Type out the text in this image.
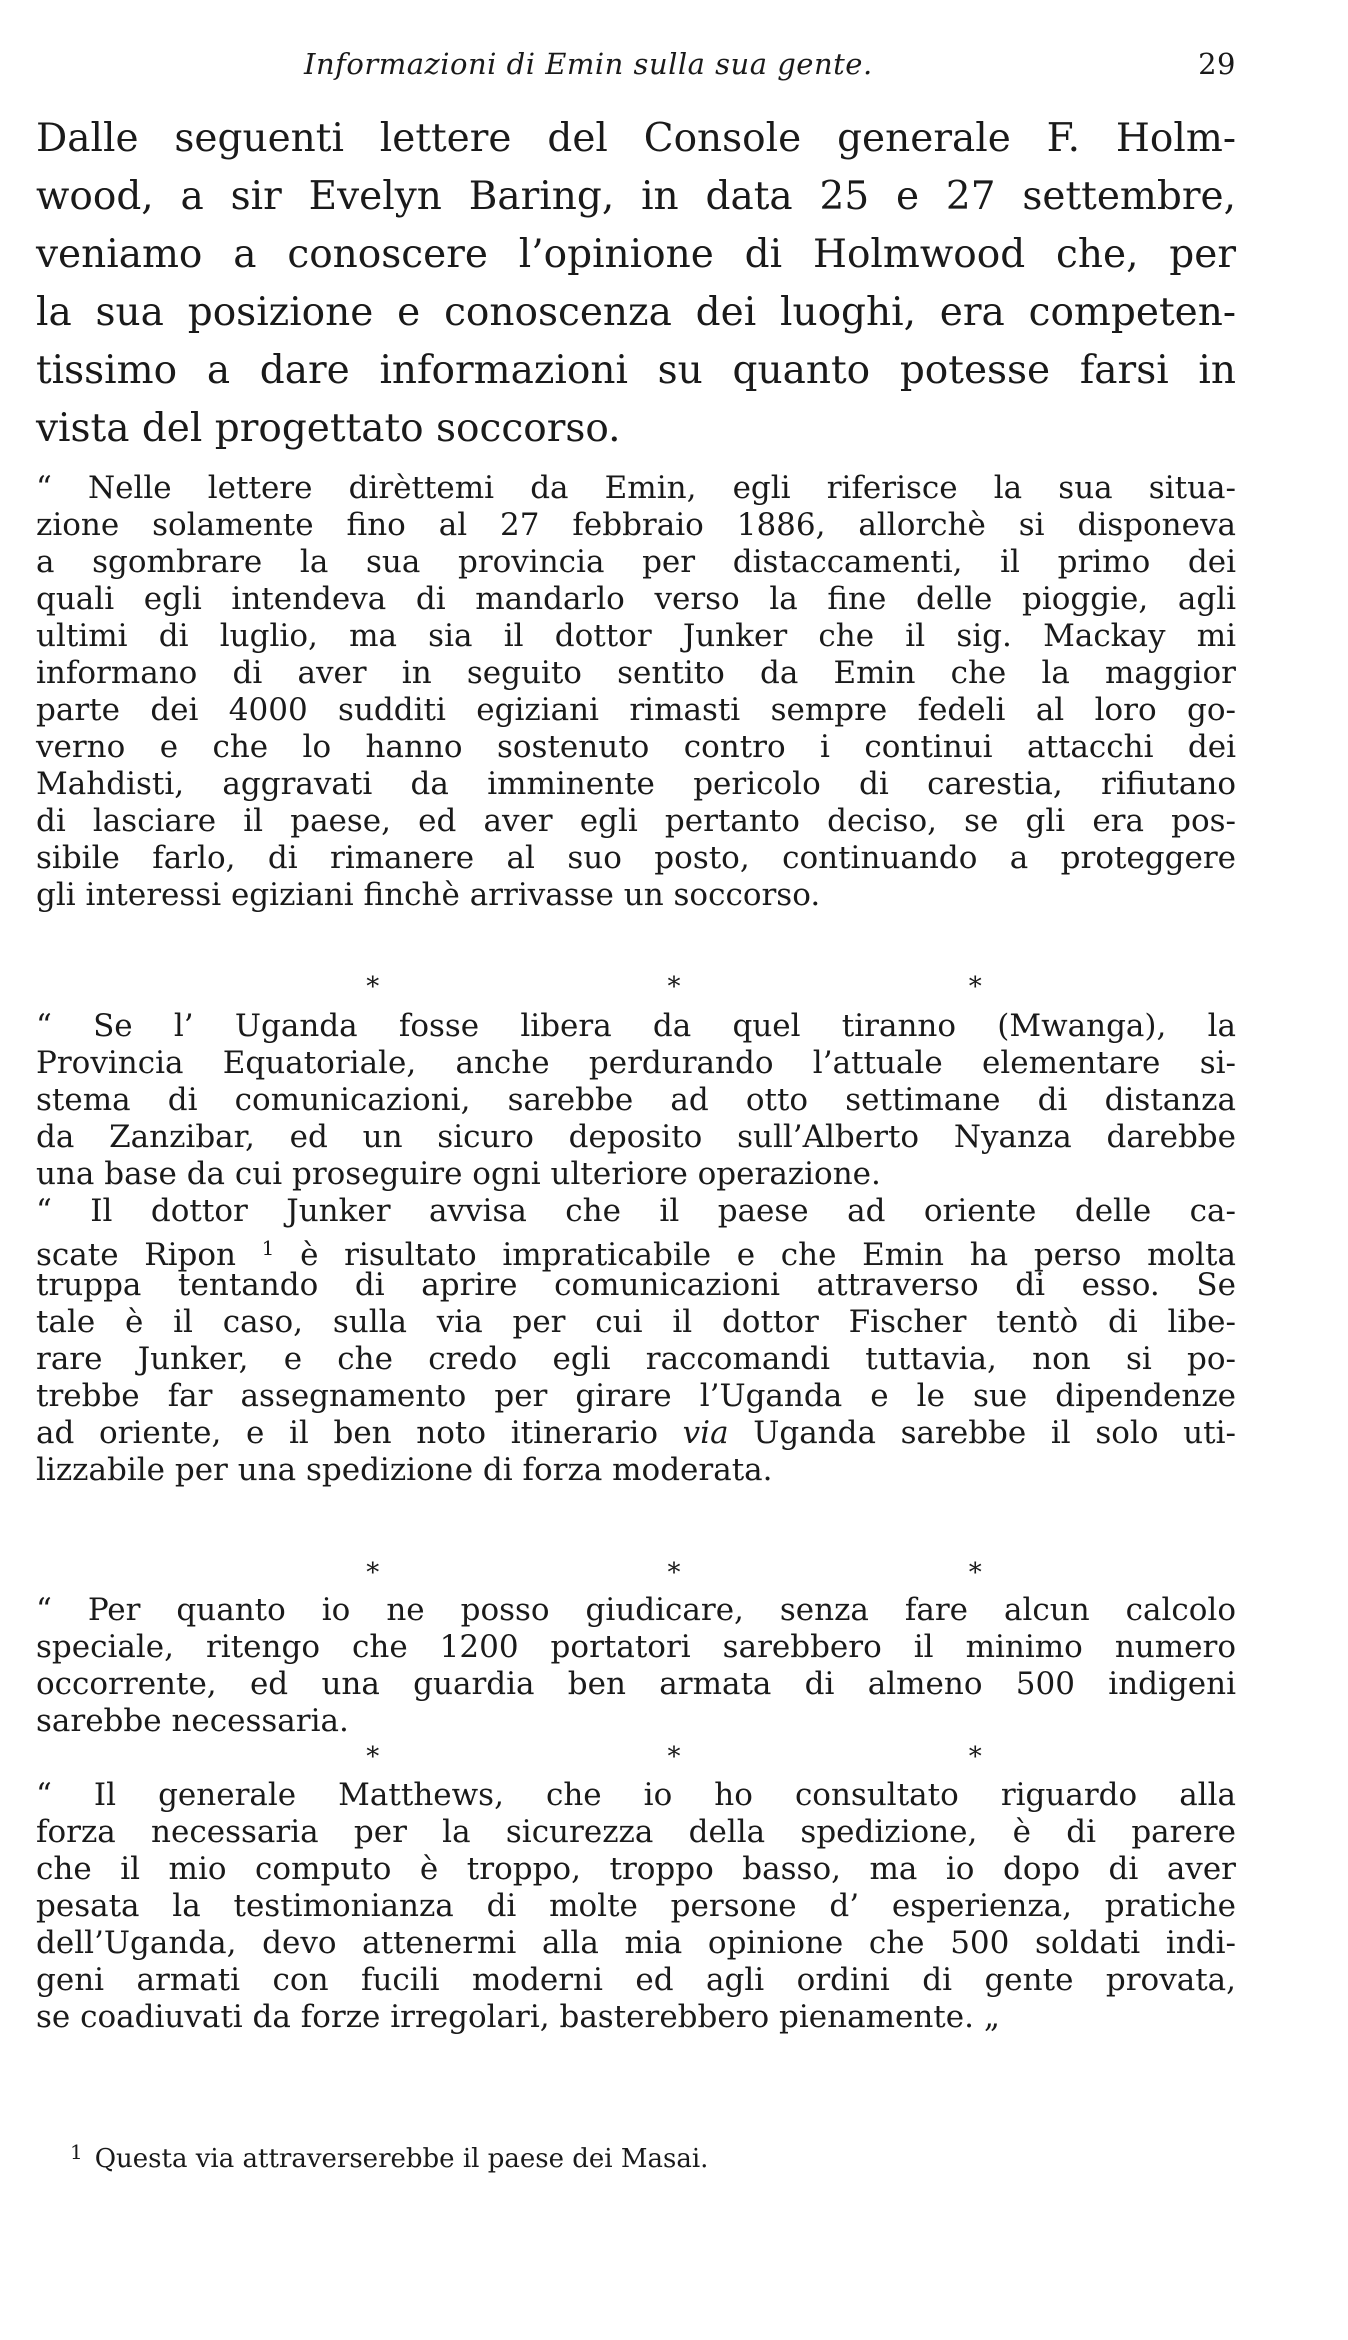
Informazioni di Emin sulla sua gente.	29
Dalle seguenti lettere del Console generale F. Holm-
wood, a sir Evelyn Baring, in data 25 e 27 settembre,
veniamo a conoscere l’opinione di Holmwood che, per
la sua posizione e conoscenza dei luoghi, era competen-
tissimo a dare informazioni su quanto potesse farsi in
vista del progettato soccorso.
“ Nelle lettere dirèttemi da Emin, egli riferisce la sua situa-
zione solamente fino al 27 febbraio 1886, allorchè si disponeva
a sgombrare la sua provincia per distaccamenti, il primo dei
quali egli intendeva di mandarlo verso la fine delle pioggie, agli
ultimi di luglio, ma sia il dottor Junker che il sig. Mackay mi
informano di aver in seguito sentito da Emin che la maggior
parte dei 4000 sudditi egiziani rimasti sempre fedeli al loro go-
verno e che lo hanno sostenuto contro i continui attacchi dei
Mahdisti, aggravati da imminente pericolo di carestia, rifiutano
di lasciare il paese, ed aver egli pertanto deciso, se gli era pos-
sibile farlo, di rimanere al suo posto, continuando a proteggere
gli interessi egiziani finchè arrivasse un soccorso.
* * *
“ Se l’ Uganda fosse libera da quel tiranno (Mwanga), la
Provincia Equatoriale, anche perdurando l’attuale elementare si-
stema di comunicazioni, sarebbe ad otto settimane di distanza
da Zanzibar, ed un sicuro deposito sull’Alberto Nyanza darebbe
una base da cui proseguire ogni ulteriore operazione.
“ Il dottor Junker avvisa che il paese ad oriente delle ca-
scate Ripon $^1$ è risultato impraticabile e che Emin ha perso molta
truppa tentando di aprire comunicazioni attraverso di esso. Se
tale è il caso, sulla via per cui il dottor Fischer tentò di libe-
rare Junker, e che credo egli raccomandi tuttavia, non si po-
trebbe far assegnamento per girare l’Uganda e le sue dipendenze
ad oriente, e il ben noto itinerario via Uganda sarebbe il solo uti-
lizzabile per una spedizione di forza moderata.
* * *
“ Per quanto io ne posso giudicare, senza fare alcun calcolo
speciale, ritengo che 1200 portatori sarebbero il minimo numero
occorrente, ed una guardia ben armata di almeno 500 indigeni
sarebbe necessaria.
* * *
“ Il generale Matthews, che io ho consultato riguardo alla
forza necessaria per la sicurezza della spedizione, è di parere
che il mio computo è troppo, troppo basso, ma io dopo di aver
pesata la testimonianza di molte persone d’ esperienza, pratiche
dell’Uganda, devo attenermi alla mia opinione che 500 soldati indi-
geni armati con fucili moderni ed agli ordini di gente provata,
se coadiuvati da forze irregolari, basterebbero pienamente. „
$^1$ Questa via attraverserebbe il paese dei Masai.
